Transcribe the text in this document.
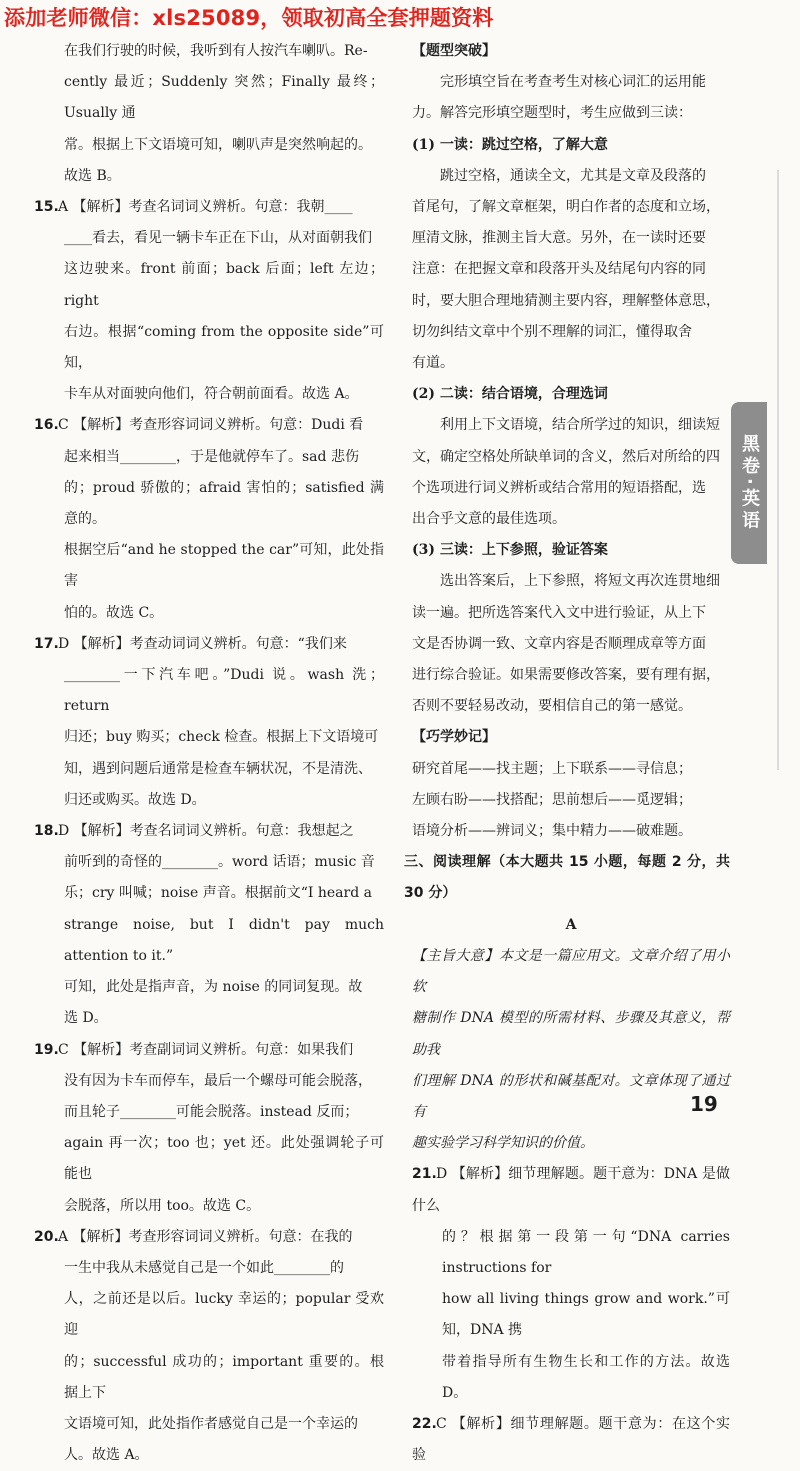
添加老师微信：xls25089，领取初高全套押题资料

在我们行驶的时候，我听到有人按汽车喇叭。Re-

cently 最近；Suddenly 突然；Finally 最终；Usually 通

常。根据上下文语境可知，喇叭声是突然响起的。

故选 B。

15.A 【解析】考查名词词义辨析。句意：我朝____

____看去，看见一辆卡车正在下山，从对面朝我们

这边驶来。front 前面；back 后面；left 左边；right

右边。根据“coming from the opposite side”可知，

卡车从对面驶向他们，符合朝前面看。故选 A。

16.C 【解析】考查形容词词义辨析。句意：Dudi 看

起来相当________，于是他就停车了。sad 悲伤

的；proud 骄傲的；afraid 害怕的；satisfied 满意的。

根据空后“and he stopped the car”可知，此处指害

怕的。故选 C。

17.D 【解析】考查动词词义辨析。句意：“我们来

________一下汽车吧。”Dudi 说。wash 洗；return

归还；buy 购买；check 检查。根据上下文语境可

知，遇到问题后通常是检查车辆状况，不是清洗、

归还或购买。故选 D。

18.D 【解析】考查名词词义辨析。句意：我想起之

前听到的奇怪的________。word 话语；music 音

乐；cry 叫喊；noise 声音。根据前文“I heard a

strange noise, but I didn't pay much attention to it.”

可知，此处是指声音，为 noise 的同词复现。故

选 D。

19.C 【解析】考查副词词义辨析。句意：如果我们

没有因为卡车而停车，最后一个螺母可能会脱落，

而且轮子________可能会脱落。instead 反而；

again 再一次；too 也；yet 还。此处强调轮子可能也

会脱落，所以用 too。故选 C。

20.A 【解析】考查形容词词义辨析。句意：在我的

一生中我从未感觉自己是一个如此________的

人，之前还是以后。lucky 幸运的；popular 受欢迎

的；successful 成功的；important 重要的。根据上下

文语境可知，此处指作者感觉自己是一个幸运的

人。故选 A。

【题型突破】

完形填空旨在考查考生对核心词汇的运用能

力。解答完形填空题型时，考生应做到三读：

(1) 一读：跳过空格，了解大意

跳过空格，通读全文，尤其是文章及段落的

首尾句，了解文章框架，明白作者的态度和立场，

厘清文脉，推测主旨大意。另外，在一读时还要

注意：在把握文章和段落开头及结尾句内容的同

时，要大胆合理地猜测主要内容，理解整体意思，

切勿纠结文章中个别不理解的词汇，懂得取舍

有道。

(2) 二读：结合语境，合理选词

利用上下文语境，结合所学过的知识，细读短

文，确定空格处所缺单词的含义，然后对所给的四

个选项进行词义辨析或结合常用的短语搭配，选

出合乎文意的最佳选项。

(3) 三读：上下参照，验证答案

选出答案后，上下参照，将短文再次连贯地细

读一遍。把所选答案代入文中进行验证，从上下

文是否协调一致、文章内容是否顺理成章等方面

进行综合验证。如果需要修改答案，要有理有据，

否则不要轻易改动，要相信自己的第一感觉。

【巧学妙记】

研究首尾——找主题；上下联系——寻信息；

左顾右盼——找搭配；思前想后——觅逻辑；

语境分析——辨词义；集中精力——破难题。

三、阅读理解（本大题共 15 小题，每题 2 分，共 30 分）

A

【主旨大意】本文是一篇应用文。文章介绍了用小软

糖制作 DNA 模型的所需材料、步骤及其意义，帮助我

们理解 DNA 的形状和碱基配对。文章体现了通过有

趣实验学习科学知识的价值。

21.D 【解析】细节理解题。题干意为：DNA 是做什么

的？根据第一段第一句“DNA carries instructions for

how all living things grow and work.”可知，DNA 携

带着指导所有生物生长和工作的方法。故选 D。

22.C 【解析】细节理解题。题干意为：在这个实验

黑卷·英语
19
